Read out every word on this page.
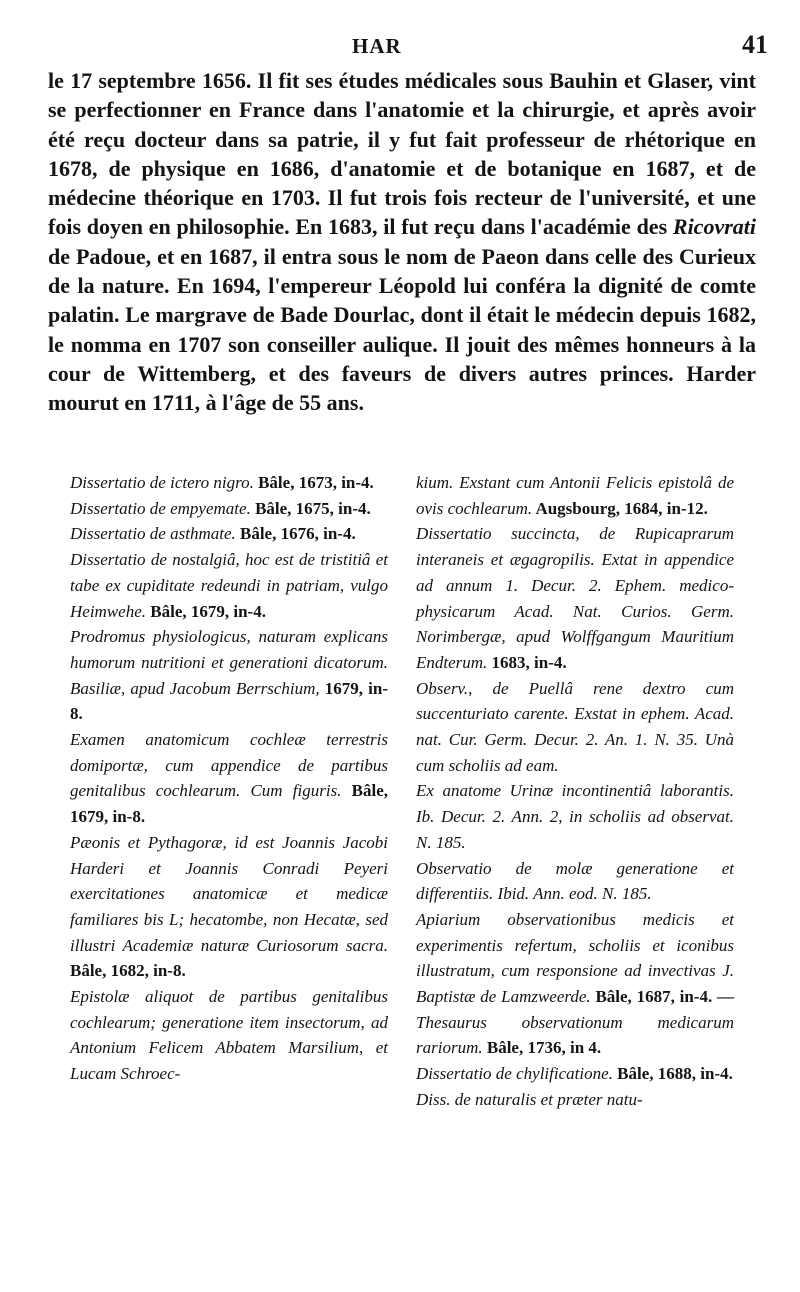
HAR	41

le 17 septembre 1656. Il fit ses études médicales sous Bauhin et Glaser, vint se perfectionner en France dans l'anatomie et la chirurgie, et après avoir été reçu docteur dans sa patrie, il y fut fait professeur de rhétorique en 1678, de physique en 1686, d'anatomie et de botanique en 1687, et de médecine théorique en 1703. Il fut trois fois recteur de l'université, et une fois doyen en philosophie. En 1683, il fut reçu dans l'académie des Ricovrati de Padoue, et en 1687, il entra sous le nom de Paeon dans celle des Curieux de la nature. En 1694, l'empereur Léopold lui conféra la dignité de comte palatin. Le margrave de Bade Dourlac, dont il était le médecin depuis 1682, le nomma en 1707 son conseiller aulique. Il jouit des mêmes honneurs à la cour de Wittemberg, et des faveurs de divers autres princes. Harder mourut en 1711, à l'âge de 55 ans.

Dissertatio de ictero nigro. Bâle, 1673, in-4.

Dissertatio de empyemate. Bâle, 1675, in-4.

Dissertatio de asthmate. Bâle, 1676, in-4.

Dissertatio de nostalgiâ, hoc est de tristitiâ et tabe ex cupiditate redeundi in patriam, vulgo Heimwehe. Bâle, 1679, in-4.

Prodromus physiologicus, naturam explicans humorum nutritioni et generationi dicatorum. Basiliæ, apud Jacobum Berrschium, 1679, in-8.

Examen anatomicum cochleæ terrestris domiportæ, cum appendice de partibus genitalibus cochlearum. Cum figuris. Bâle, 1679, in-8.

Pæonis et Pythagoræ, id est Joannis Jacobi Harderi et Joannis Conradi Peyeri exercitationes anatomicæ et medicæ familiares bis L; hecatombe, non Hecatæ, sed illustri Academiæ naturæ Curiosorum sacra. Bâle, 1682, in-8.

Epistolæ aliquot de partibus genitalibus cochlearum; generatione item insectorum, ad Antonium Felicem Abbatem Marsilium, et Lucam Schroec-

kium. Exstant cum Antonii Felicis epistolâ de ovis cochlearum. Augsbourg, 1684, in-12.

Dissertatio succincta, de Rupicaprarum interaneis et ægagropilis. Extat in appendice ad annum 1. Decur. 2. Ephem. medico-physicarum Acad. Nat. Curios. Germ. Norimbergæ, apud Wolffgangum Mauritium Endterum. 1683, in-4.

Observ., de Puellâ rene dextro cum succenturiato carente. Exstat in ephem. Acad. nat. Cur. Germ. Decur. 2. An. 1. N. 35. Unà cum scholiis ad eam.

Ex anatome Urinæ incontinentiâ laborantis. Ib. Decur. 2. Ann. 2, in scholiis ad observat. N. 185.

Observatio de molæ generatione et differentiis. Ibid. Ann. eod. N. 185.

Apiarium observationibus medicis et experimentis refertum, scholiis et iconibus illustratum, cum responsione ad invectivas J. Baptistæ de Lamzweerde. Bâle, 1687, in-4. — Thesaurus observationum medicarum rariorum. Bâle, 1736, in 4.

Dissertatio de chylificatione. Bâle, 1688, in-4.

Diss. de naturalis et præter natu-
